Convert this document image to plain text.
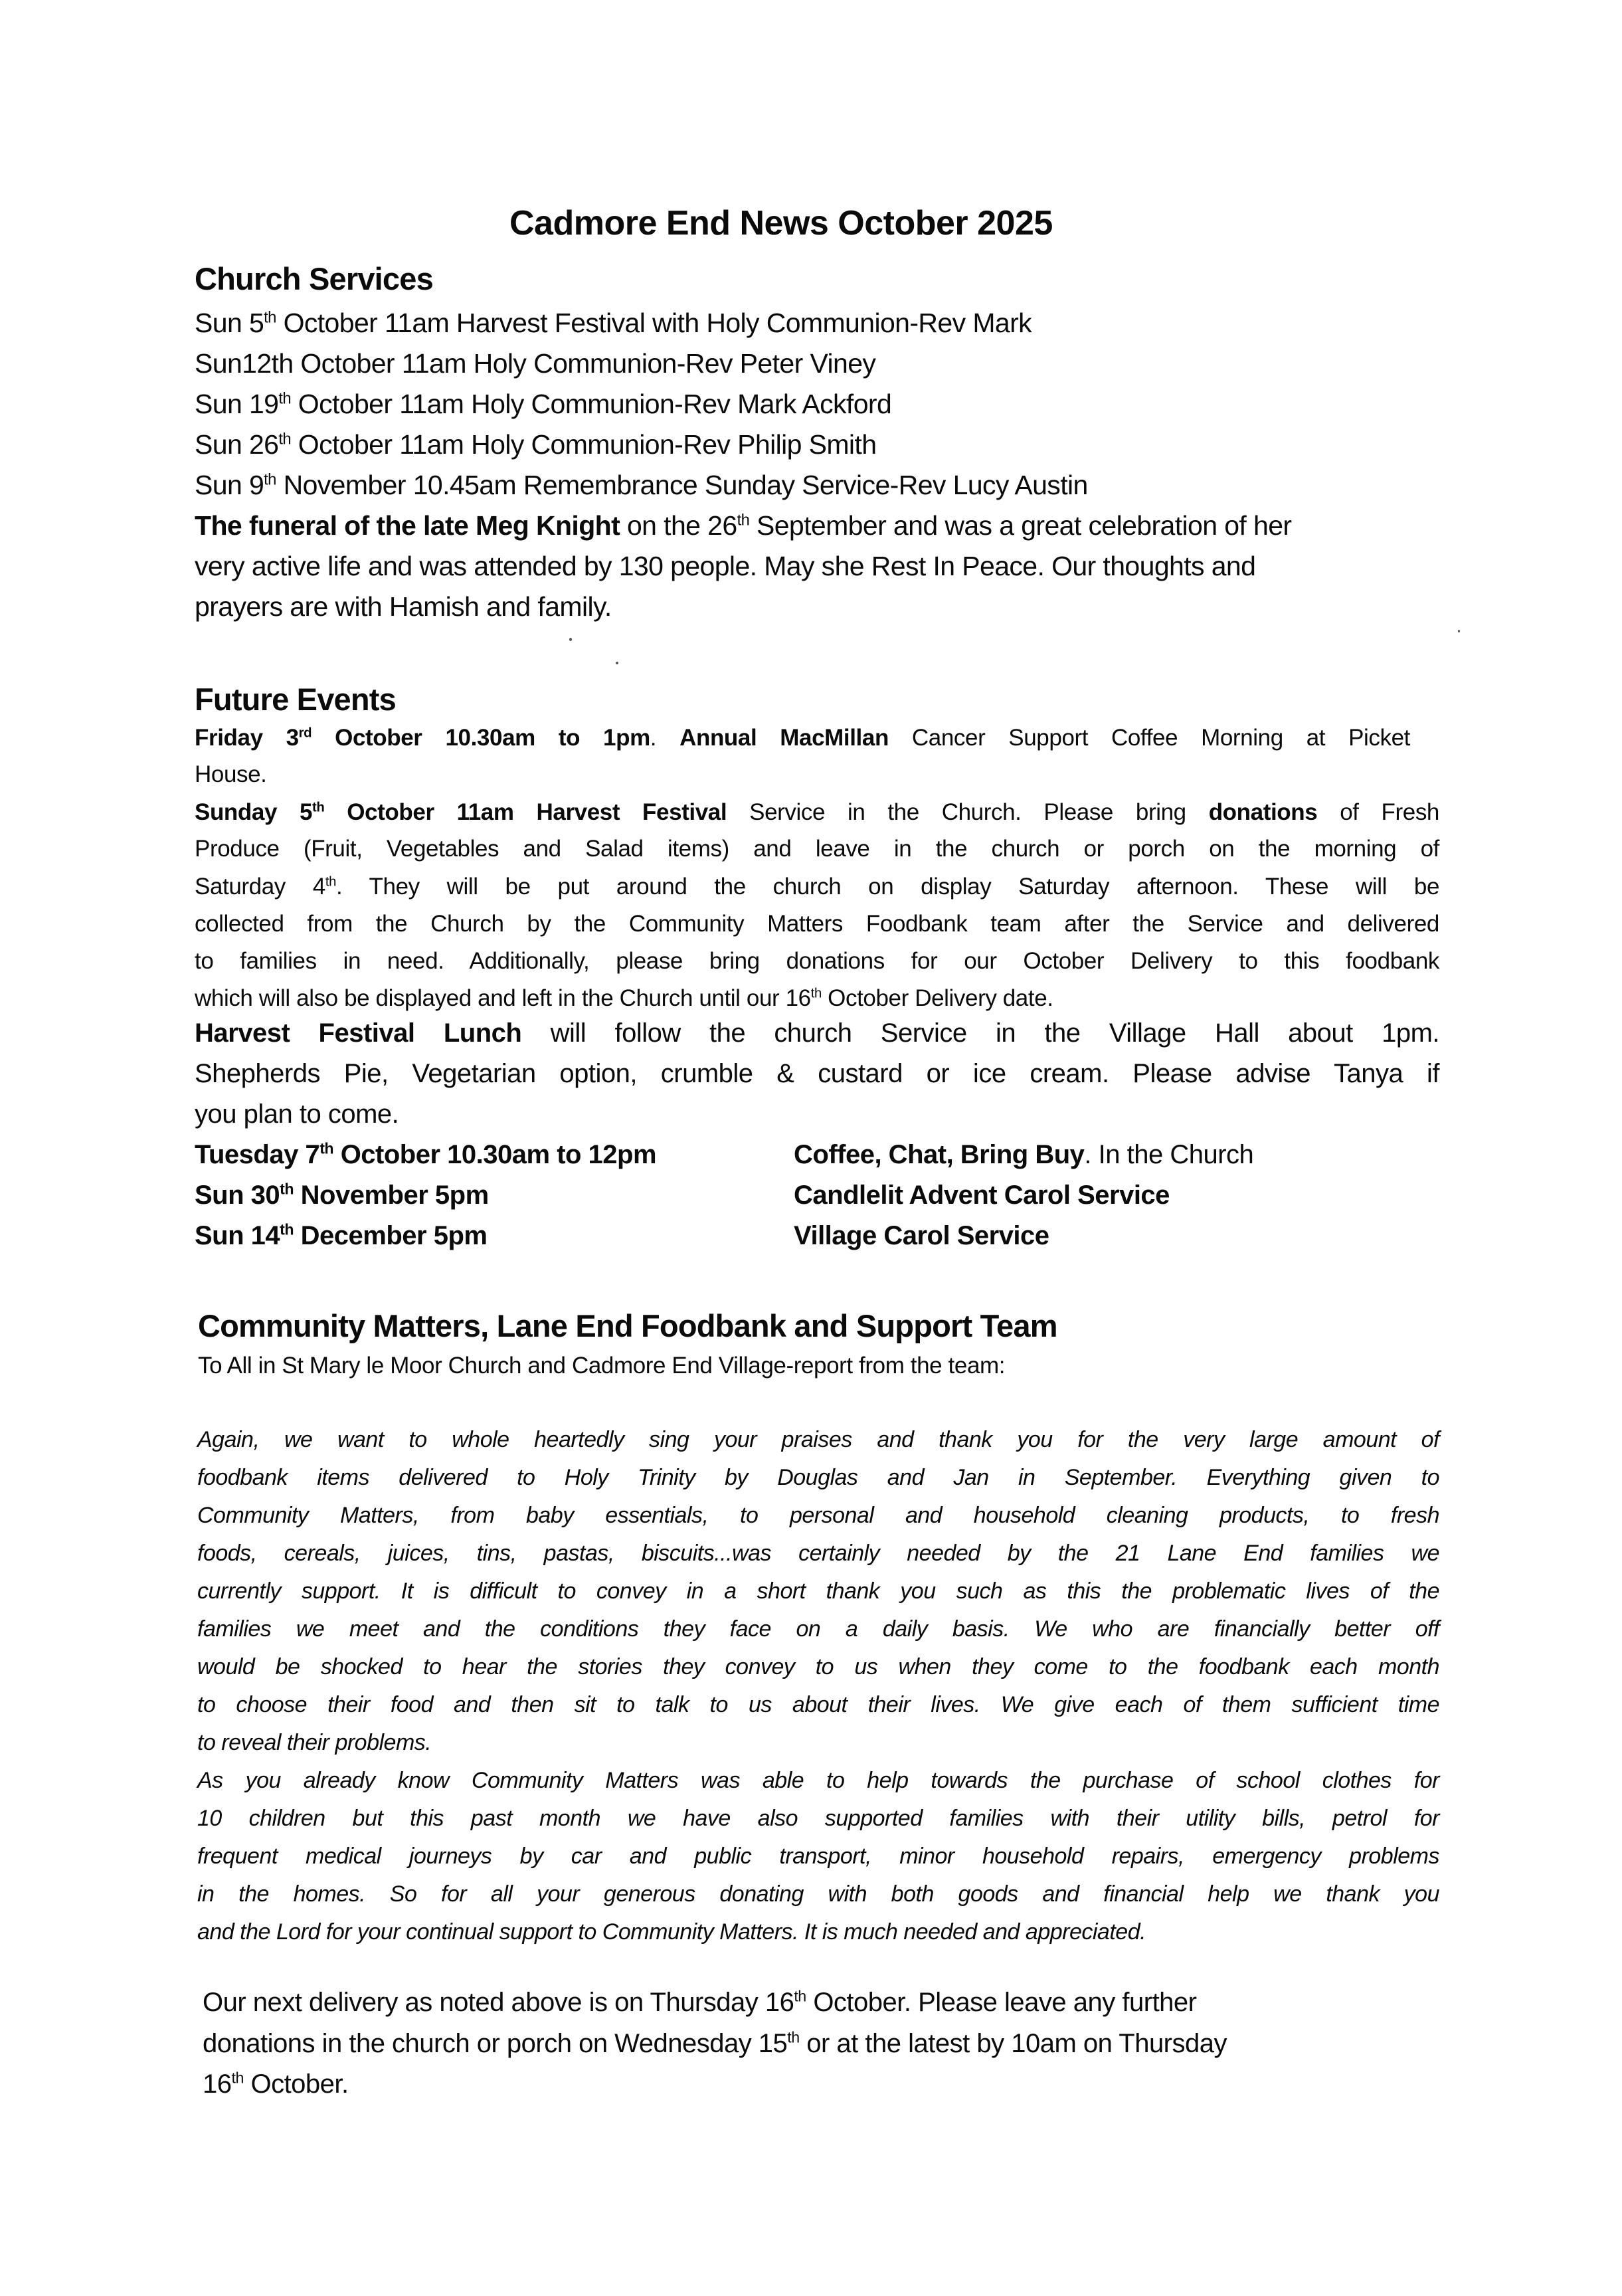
Cadmore End News October 2025
Church Services
Sun 5th October 11am Harvest Festival with Holy Communion-Rev Mark
Sun12th October 11am Holy Communion-Rev Peter Viney
Sun 19th October 11am Holy Communion-Rev Mark Ackford
Sun 26th October 11am Holy Communion-Rev Philip Smith
Sun 9th November 10.45am Remembrance Sunday Service-Rev Lucy Austin
The funeral of the late Meg Knight on the 26th September and was a great celebration of her
very active life and was attended by 130 people. May she Rest In Peace. Our thoughts and
prayers are with Hamish and family.
Future Events
Friday 3rd October 10.30am to 1pm. Annual MacMillan Cancer Support Coffee Morning at Picket
House.
Sunday 5th October 11am Harvest Festival Service in the Church. Please bring donations of Fresh
Produce (Fruit, Vegetables and Salad items) and leave in the church or porch on the morning of
Saturday 4th. They will be put around the church on display Saturday afternoon. These will be
collected from the Church by the Community Matters Foodbank team after the Service and delivered
to families in need. Additionally, please bring donations for our October Delivery to this foodbank
which will also be displayed and left in the Church until our 16th October Delivery date.
Harvest Festival Lunch will follow the church Service in the Village Hall about 1pm.
Shepherds Pie, Vegetarian option, crumble & custard or ice cream. Please advise Tanya if
you plan to come.
Tuesday 7th October 10.30am to 12pm	Coffee, Chat, Bring Buy. In the Church
Sun 30th November 5pm	Candlelit Advent Carol Service
Sun 14th December 5pm	Village Carol Service
Community Matters, Lane End Foodbank and Support Team
To All in St Mary le Moor Church and Cadmore End Village-report from the team:
Again, we want to whole heartedly sing your praises and thank you for the very large amount of
foodbank items delivered to Holy Trinity by Douglas and Jan in September. Everything given to
Community Matters, from baby essentials, to personal and household cleaning products, to fresh
foods, cereals, juices, tins, pastas, biscuits...was certainly needed by the 21 Lane End families we
currently support. It is difficult to convey in a short thank you such as this the problematic lives of the
families we meet and the conditions they face on a daily basis. We who are financially better off
would be shocked to hear the stories they convey to us when they come to the foodbank each month
to choose their food and then sit to talk to us about their lives. We give each of them sufficient time
to reveal their problems.
As you already know Community Matters was able to help towards the purchase of school clothes for
10 children but this past month we have also supported families with their utility bills, petrol for
frequent medical journeys by car and public transport, minor household repairs, emergency problems
in the homes. So for all your generous donating with both goods and financial help we thank you
and the Lord for your continual support to Community Matters. It is much needed and appreciated.
Our next delivery as noted above is on Thursday 16th October. Please leave any further
donations in the church or porch on Wednesday 15th or at the latest by 10am on Thursday
16th October.
